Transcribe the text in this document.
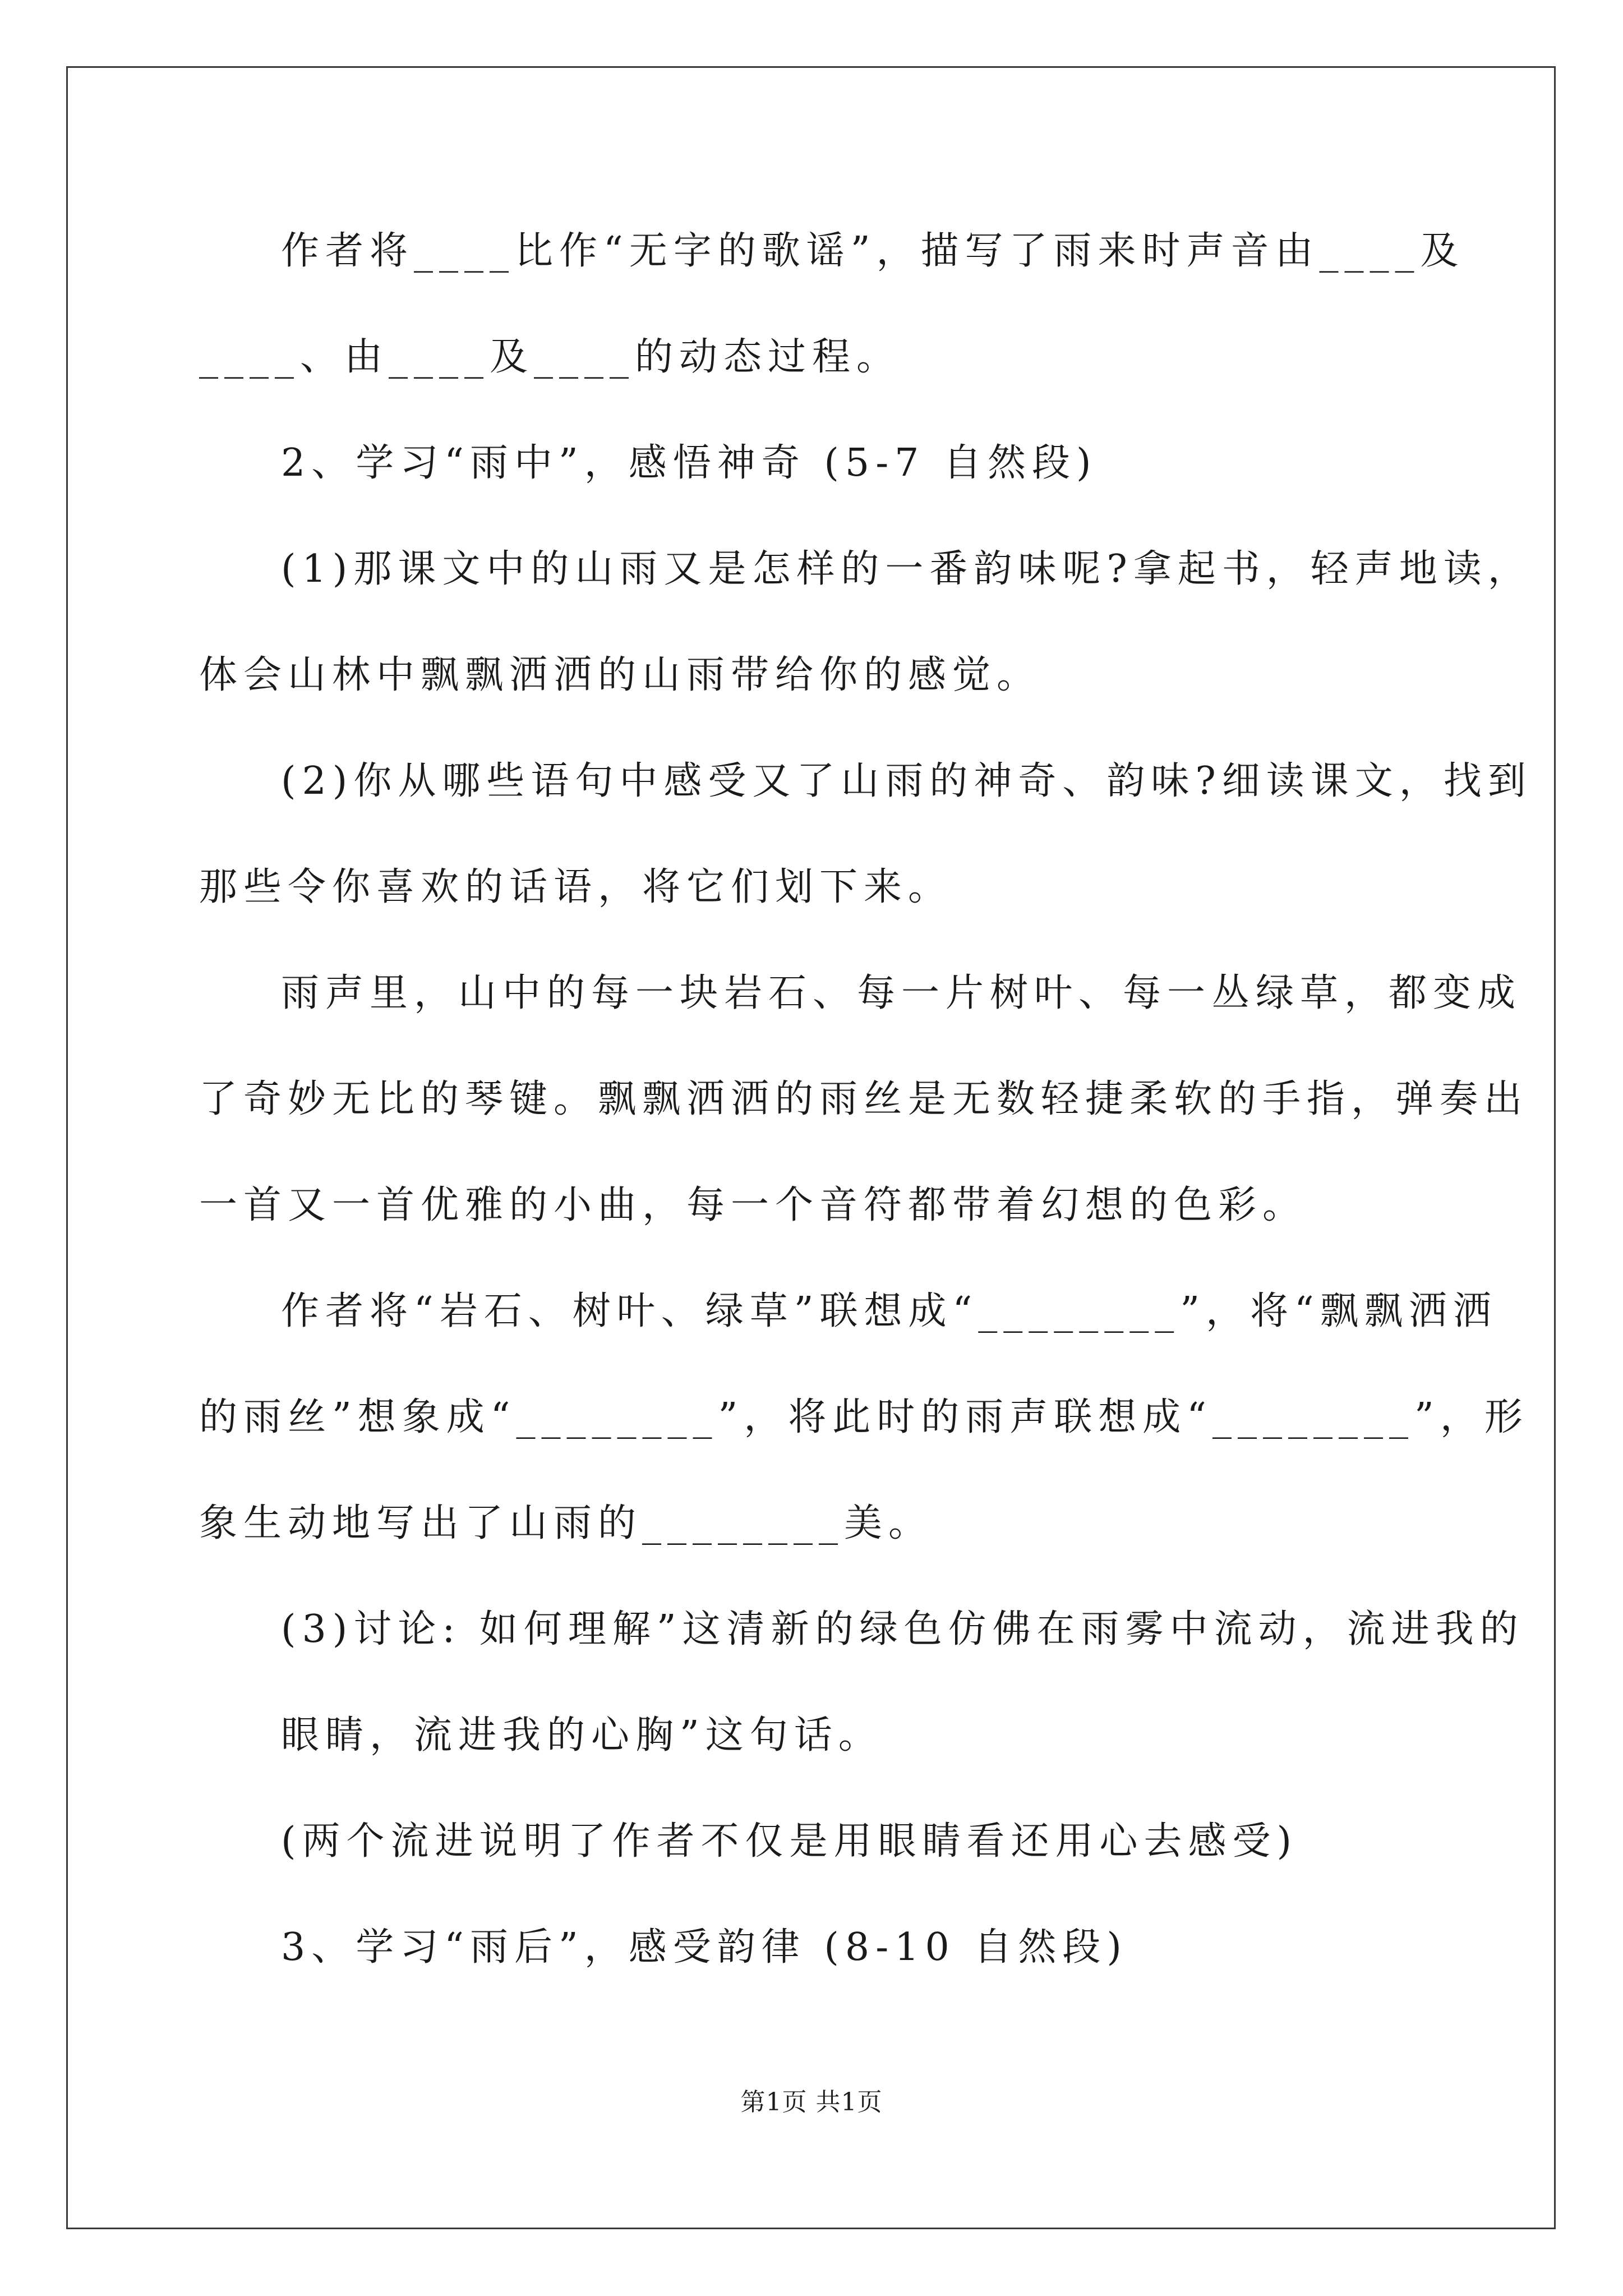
作者将____比作“无字的歌谣”，描写了雨来时声音由____及
____、由____及____的动态过程。
2、学习“雨中”，感悟神奇 (5-7 自然段)
(1)那课文中的山雨又是怎样的一番韵味呢?拿起书，轻声地读，
体会山林中飘飘洒洒的山雨带给你的感觉。
(2)你从哪些语句中感受又了山雨的神奇、韵味?细读课文，找到
那些令你喜欢的话语，将它们划下来。
雨声里，山中的每一块岩石、每一片树叶、每一丛绿草，都变成
了奇妙无比的琴键。飘飘洒洒的雨丝是无数轻捷柔软的手指，弹奏出
一首又一首优雅的小曲，每一个音符都带着幻想的色彩。
作者将“岩石、树叶、绿草”联想成“________”，将“飘飘洒洒
的雨丝”想象成“________”，将此时的雨声联想成“________”，形
象生动地写出了山雨的________美。
(3)讨论: 如何理解”这清新的绿色仿佛在雨雾中流动，流进我的
眼睛，流进我的心胸”这句话。
(两个流进说明了作者不仅是用眼睛看还用心去感受)
3、学习“雨后”，感受韵律 (8-10 自然段)
第1页 共1页
